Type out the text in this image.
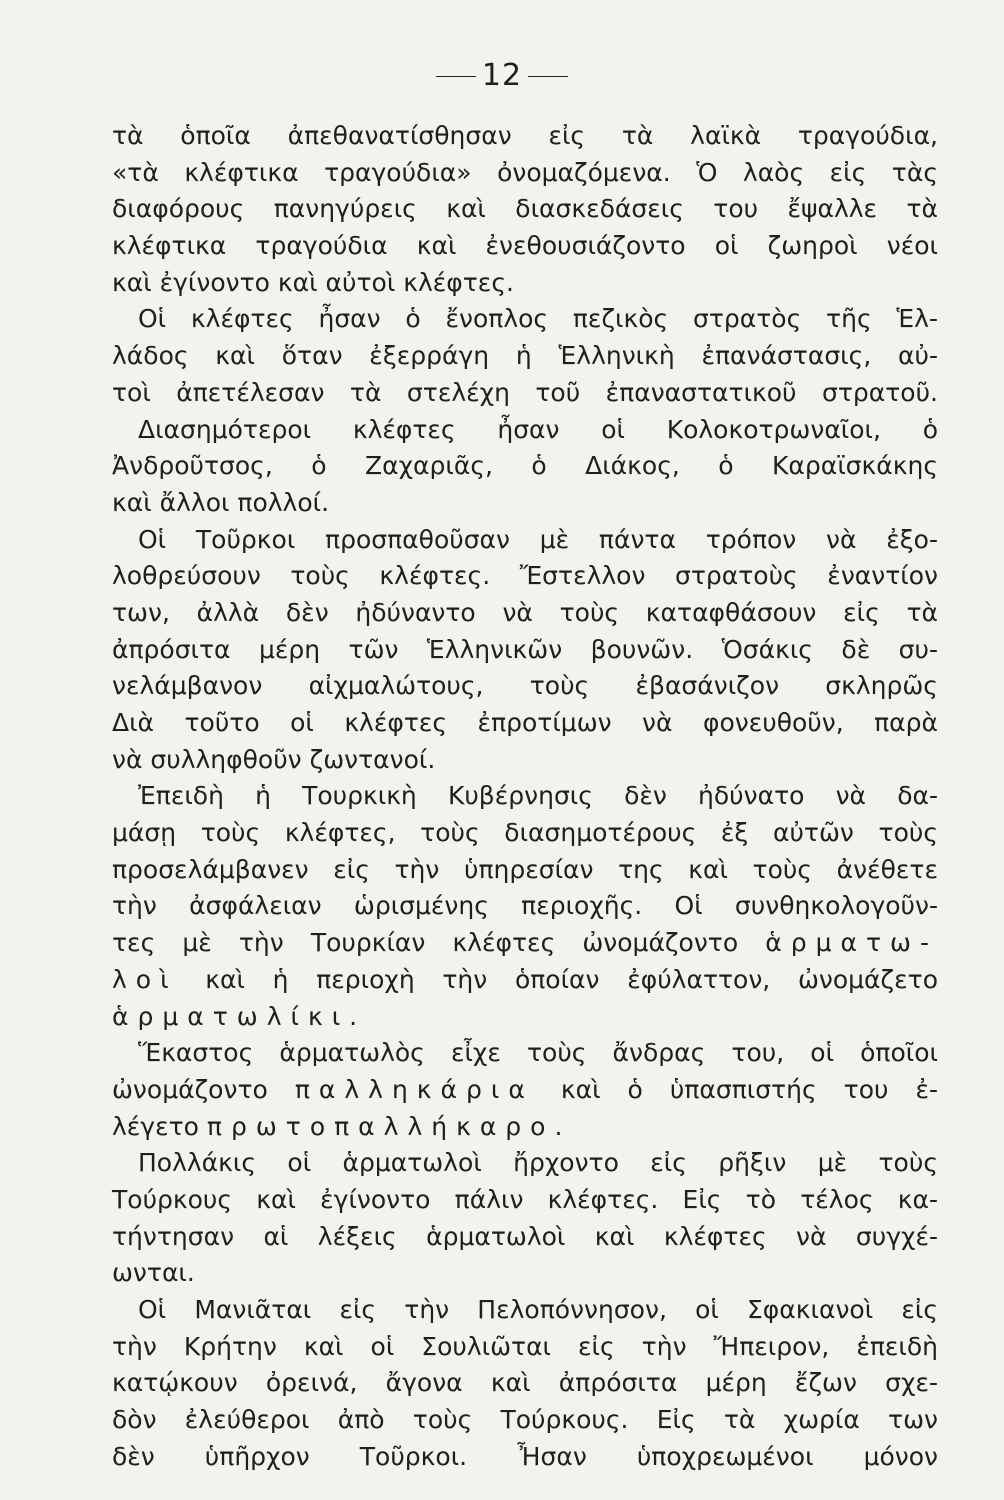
12
τὰ ὁποῖα ἀπεθανατίσθησαν εἰς τὰ λαϊκὰ τραγούδια,
«τὰ κλέφτικα τραγούδια» ὀνομαζόμενα. Ὁ λαὸς εἰς τὰς
διαφόρους πανηγύρεις καὶ διασκεδάσεις του ἔψαλλε τὰ
κλέφτικα τραγούδια καὶ ἐνεθουσιάζοντο οἱ ζωηροὶ νέοι
καὶ ἐγίνοντο καὶ αὐτοὶ κλέφτες.
Οἱ κλέφτες ἦσαν ὁ ἔνοπλος πεζικὸς στρατὸς τῆς Ἑλ-
λάδος καὶ ὅταν ἐξερράγη ἡ Ἑλληνικὴ ἐπανάστασις, αὐ-
τοὶ ἀπετέλεσαν τὰ στελέχη τοῦ ἐπαναστατικοῦ στρατοῦ.
Διασημότεροι κλέφτες ἦσαν οἱ Κολοκοτρωναῖοι, ὁ
Ἀνδροῦτσος, ὁ Ζαχαριᾶς, ὁ Διάκος, ὁ Καραϊσκάκης
καὶ ἄλλοι πολλοί.
Οἱ Τοῦρκοι προσπαθοῦσαν μὲ πάντα τρόπον νὰ ἐξο-
λοθρεύσουν τοὺς κλέφτες. Ἔστελλον στρατοὺς ἐναντίον
των, ἀλλὰ δὲν ἠδύναντο νὰ τοὺς καταφθάσουν εἰς τὰ
ἀπρόσιτα μέρη τῶν Ἑλληνικῶν βουνῶν. Ὁσάκις δὲ συ-
νελάμβανον αἰχμαλώτους, τοὺς ἐβασάνιζον σκληρῶς
Διὰ τοῦτο οἱ κλέφτες ἐπροτίμων νὰ φονευθοῦν, παρὰ
νὰ συλληφθοῦν ζωντανοί.
Ἐπειδὴ ἡ Τουρκικὴ Κυβέρνησις δὲν ἠδύνατο νὰ δα-
μάσῃ τοὺς κλέφτες, τοὺς διασημοτέρους ἐξ αὐτῶν τοὺς
προσελάμβανεν εἰς τὴν ὑπηρεσίαν της καὶ τοὺς ἀνέθετε
τὴν ἀσφάλειαν ὡρισμένης περιοχῆς. Οἱ συνθηκολογοῦν-
τες μὲ τὴν Τουρκίαν κλέφτες ὠνομάζοντο ἁρματω-
λοὶ καὶ ἡ περιοχὴ τὴν ὁποίαν ἐφύλαττον, ὠνομάζετο
ἁρματωλίκι.
Ἕκαστος ἁρματωλὸς εἶχε τοὺς ἄνδρας του, οἱ ὁποῖοι
ὠνομάζοντο παλληκάρια καὶ ὁ ὑπασπιστής του ἐ-
λέγετο πρωτοπαλλήκαρο.
Πολλάκις οἱ ἁρματωλοὶ ἤρχοντο εἰς ρῆξιν μὲ τοὺς
Τούρκους καὶ ἐγίνοντο πάλιν κλέφτες. Εἰς τὸ τέλος κα-
τήντησαν αἱ λέξεις ἁρματωλοὶ καὶ κλέφτες νὰ συγχέ-
ωνται.
Οἱ Μανιᾶται εἰς τὴν Πελοπόννησον, οἱ Σφακιανοὶ εἰς
τὴν Κρήτην καὶ οἱ Σουλιῶται εἰς τὴν Ἤπειρον, ἐπειδὴ
κατῴκουν ὀρεινά, ἄγονα καὶ ἀπρόσιτα μέρη ἔζων σχε-
δὸν ἐλεύθεροι ἀπὸ τοὺς Τούρκους. Εἰς τὰ χωρία των
δὲν ὑπῆρχον Τοῦρκοι. Ἦσαν ὑποχρεωμένοι μόνον
